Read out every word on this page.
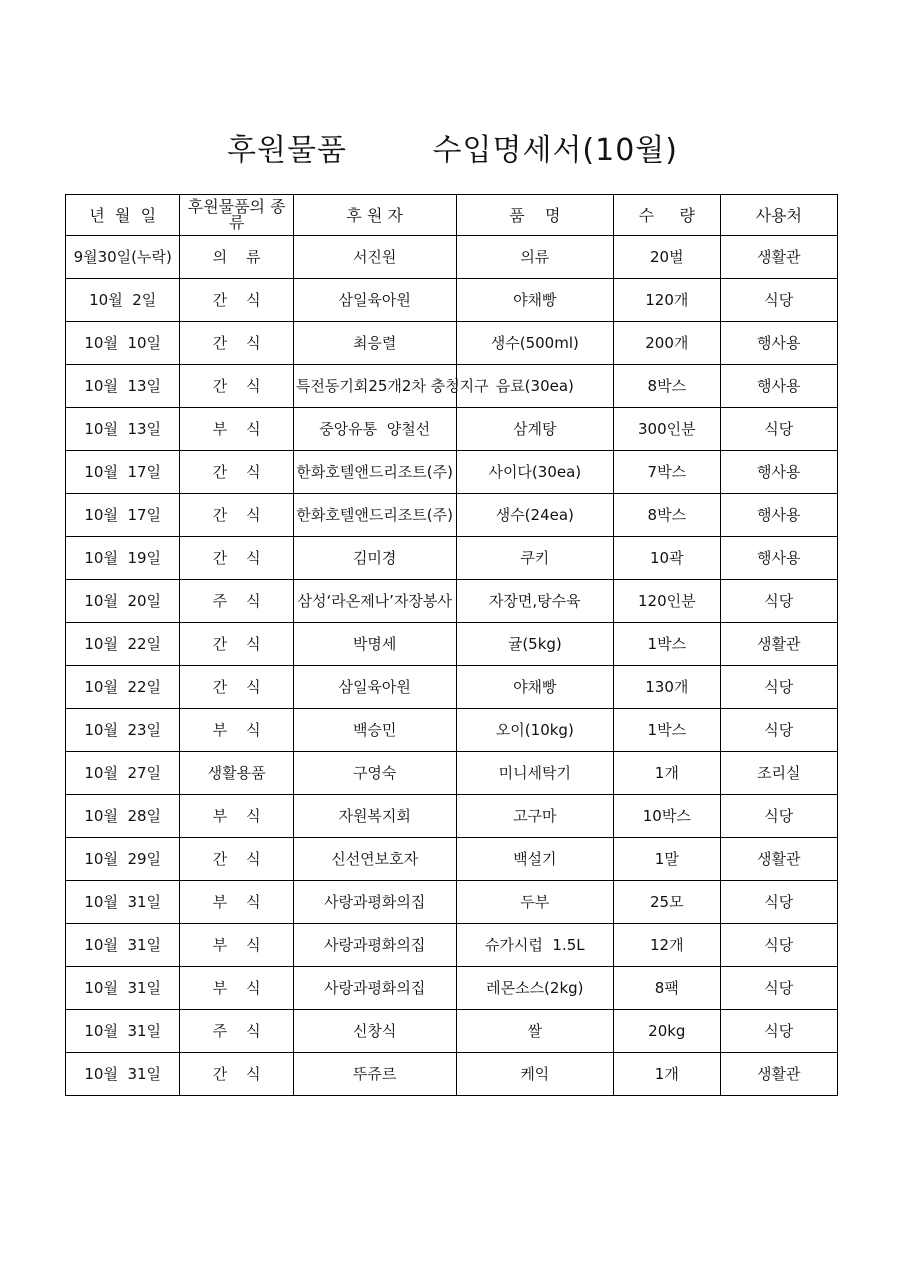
후원물품   수입명세서(10월)
년  월  일	후원물품의 종류	후 원 자	품    명	수     량	사용처
9월30일(누락)	의    류	서진원	의류	20벌	생활관
10월  2일	간    식	삼일육아원	야채빵	120개	식당
10월  10일	간    식	최응렬	생수(500ml)	200개	행사용
10월  13일	간    식	특전동기회25개2차 충청지구	음료(30ea)	8박스	행사용
10월  13일	부    식	중앙유통  양철선	삼계탕	300인분	식당
10월  17일	간    식	한화호텔앤드리조트(주)	사이다(30ea)	7박스	행사용
10월  17일	간    식	한화호텔앤드리조트(주)	생수(24ea)	8박스	행사용
10월  19일	간    식	김미경	쿠키	10곽	행사용
10월  20일	주    식	삼성‘라온제나’자장봉사	자장면,탕수육	120인분	식당
10월  22일	간    식	박명세	귤(5kg)	1박스	생활관
10월  22일	간    식	삼일육아원	야채빵	130개	식당
10월  23일	부    식	백승민	오이(10kg)	1박스	식당
10월  27일	생활용품	구영숙	미니세탁기	1개	조리실
10월  28일	부    식	자원복지회	고구마	10박스	식당
10월  29일	간    식	신선연보호자	백설기	1말	생활관
10월  31일	부    식	사랑과평화의집	두부	25모	식당
10월  31일	부    식	사랑과평화의집	슈가시럽  1.5L	12개	식당
10월  31일	부    식	사랑과평화의집	레몬소스(2kg)	8팩	식당
10월  31일	주    식	신창식	쌀	20kg	식당
10월  31일	간    식	뚜쥬르	케익	1개	생활관
